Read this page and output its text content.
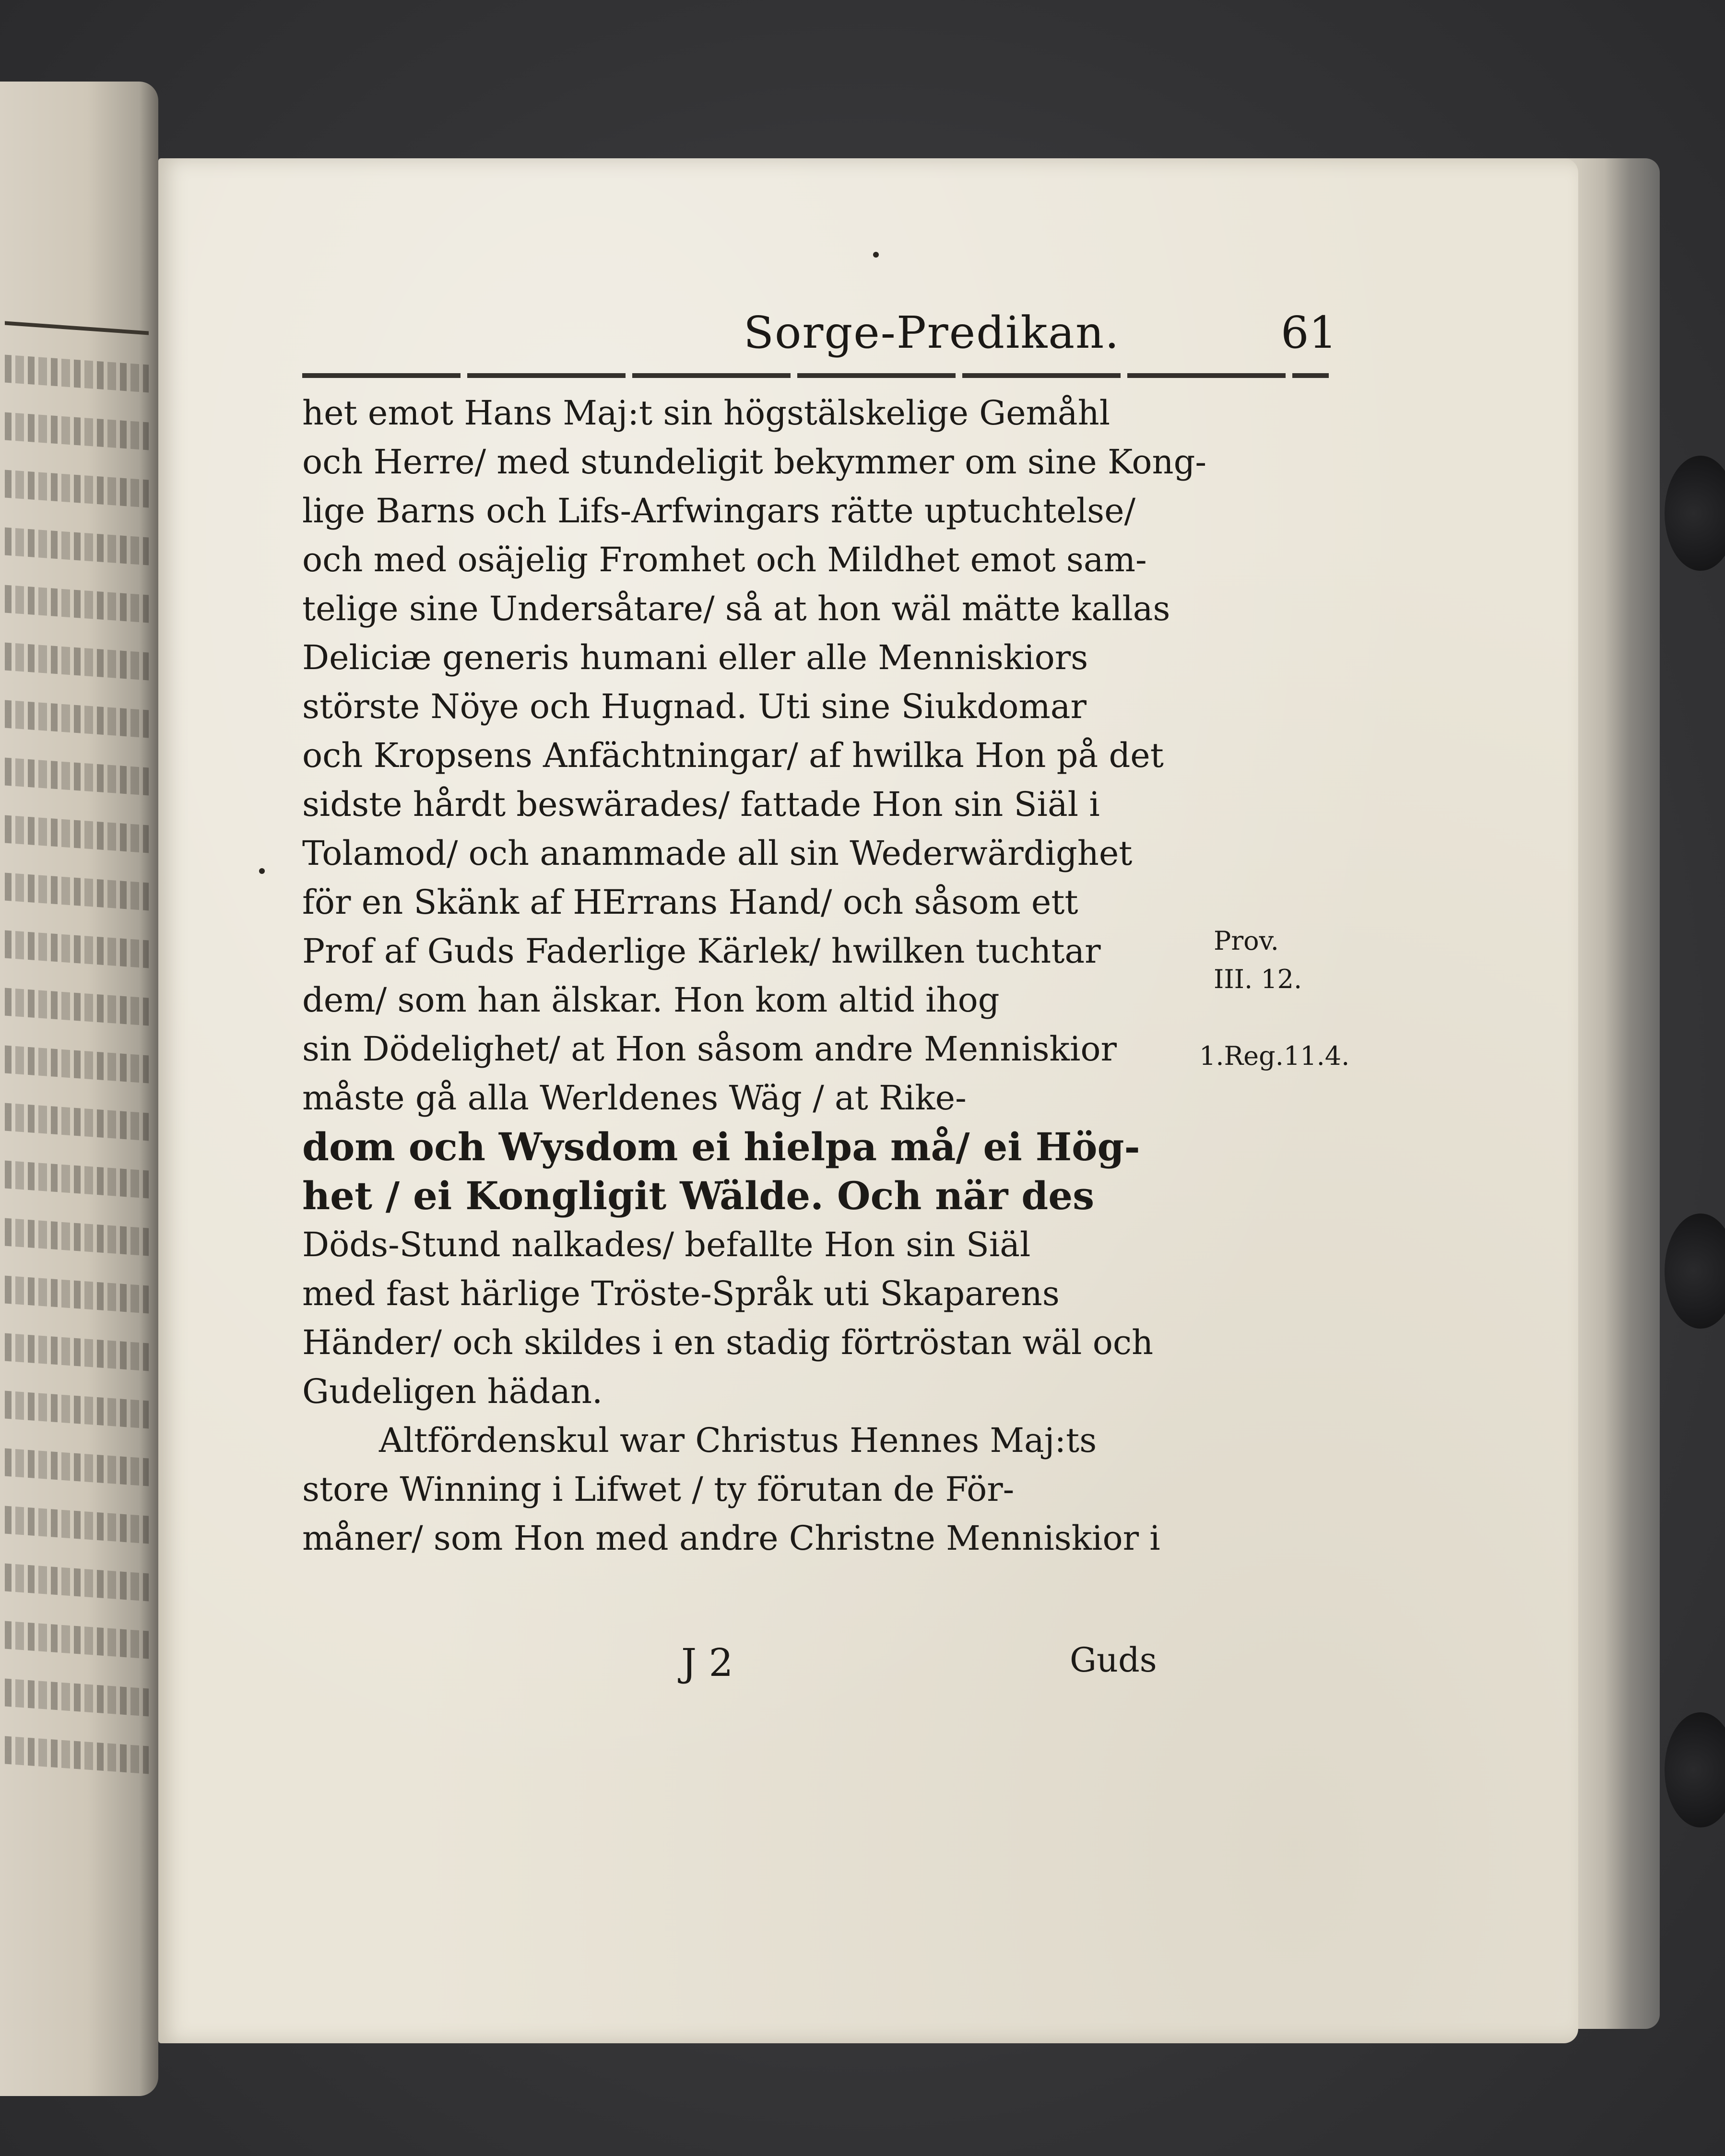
Sorge-Predikan.	61
het emot Hans Maj:t sin högstälskelige Gemåhl
och Herre/ med stundeligit bekymmer om sine Kong-
lige Barns och Lifs-Arfwingars rätte uptuchtelse/
och med osäjelig Fromhet och Mildhet emot sam-
telige sine Undersåtare/ så at hon wäl mätte kallas
Deliciæ generis humani eller alle Menniskiors
störste Nöye och Hugnad. Uti sine Siukdomar
och Kropsens Anfächtningar/ af hwilka Hon på det
sidste hårdt beswärades/ fattade Hon sin Siäl i
Tolamod/ och anammade all sin Wederwärdighet
för en Skänk af HErrans Hand/ och såsom ett
Prof af Guds Faderlige Kärlek/ hwilken tuchtar
dem/ som han älskar. Hon kom altid ihog
sin Dödelighet/ at Hon såsom andre Menniskior
måste gå alla Werldenes Wäg / at Rike-
dom och Wysdom ei hielpa må/ ei Hög-
het / ei Kongligit Wälde. Och när des
Döds-Stund nalkades/ befallte Hon sin Siäl
med fast härlige Tröste-Språk uti Skaparens
Händer/ och skildes i en stadig förtröstan wäl och
Gudeligen hädan.
Altfördenskul war Christus Hennes Maj:ts
store Winning i Lifwet / ty förutan de För-
måner/ som Hon med andre Christne Menniskior i
Prov.
III. 12.
1.Reg.11.4.
J 2	Guds
